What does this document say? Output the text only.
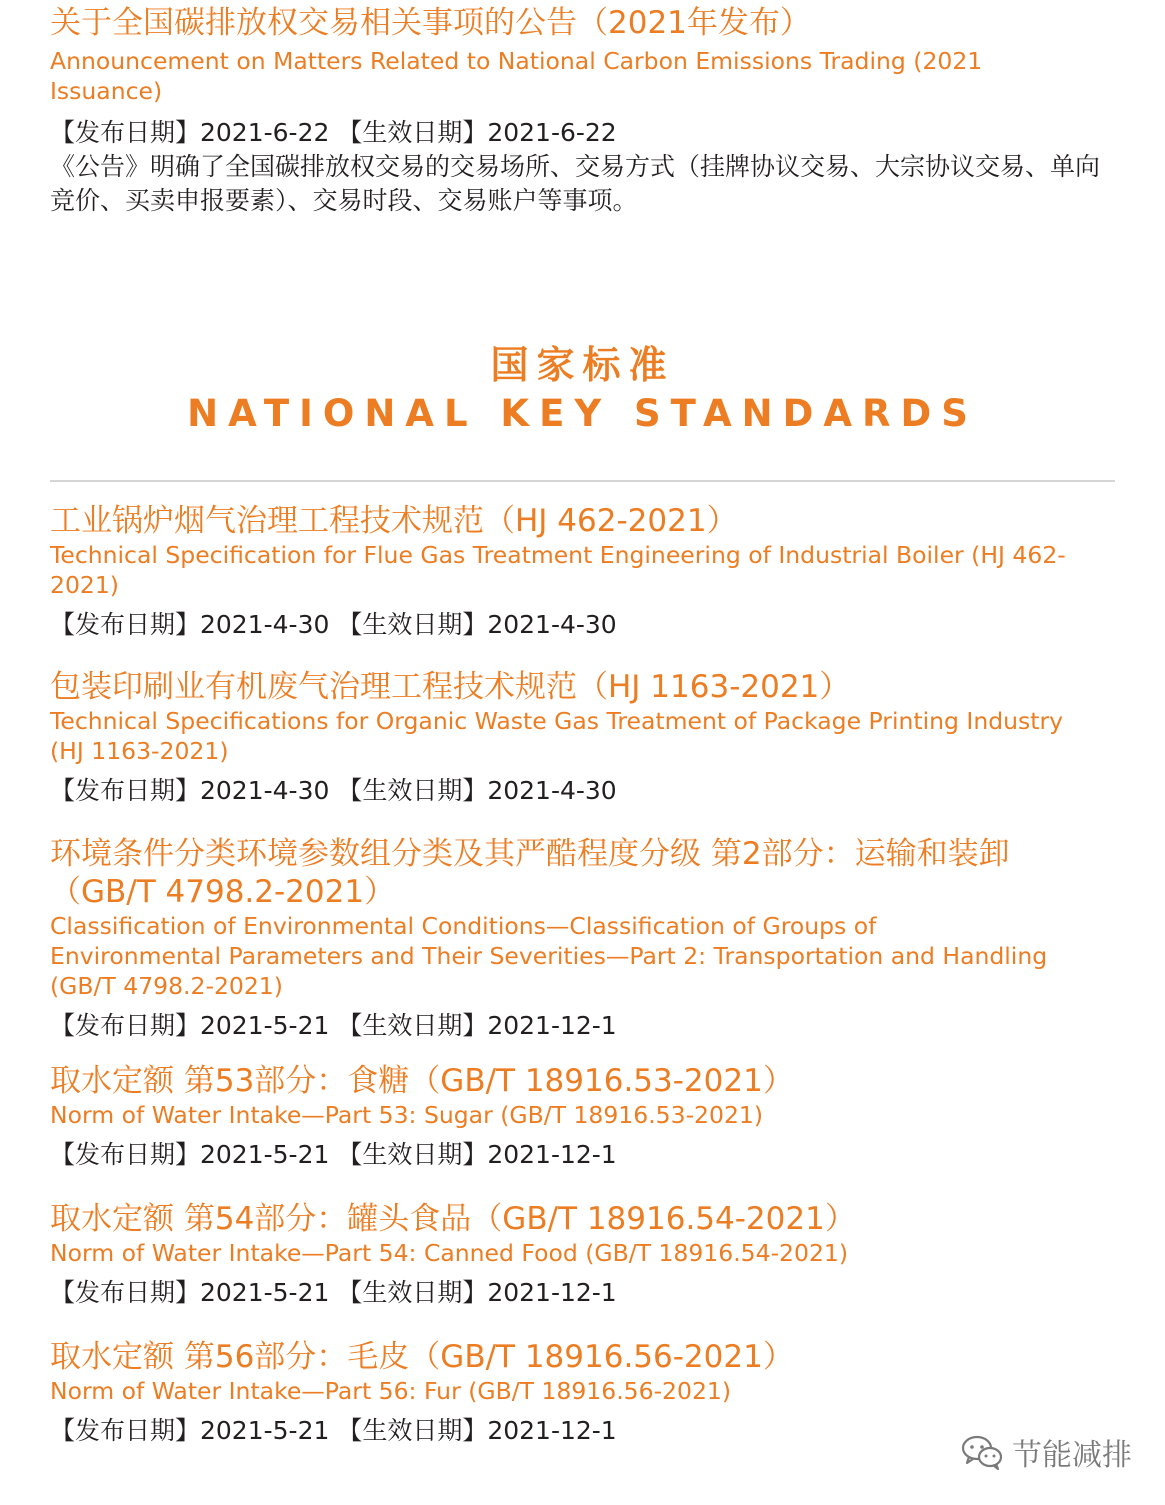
关于全国碳排放权交易相关事项的公告（2021年发布）

Announcement on Matters Related to National Carbon Emissions Trading (2021 Issuance)

【发布日期】2021-6-22 【生效日期】2021-6-22

《公告》明确了全国碳排放权交易的交易场所、交易方式（挂牌协议交易、大宗协议交易、单向竞价、买卖申报要素）、交易时段、交易账户等事项。

国家标准
NATIONAL KEY STANDARDS

工业锅炉烟气治理工程技术规范（HJ 462-2021）

Technical Specification for Flue Gas Treatment Engineering of Industrial Boiler (HJ 462-2021)

【发布日期】2021-4-30 【生效日期】2021-4-30

包装印刷业有机废气治理工程技术规范（HJ 1163-2021）

Technical Specifications for Organic Waste Gas Treatment of Package Printing Industry (HJ 1163-2021)

【发布日期】2021-4-30 【生效日期】2021-4-30

环境条件分类环境参数组分类及其严酷程度分级 第2部分：运输和装卸（GB/T 4798.2-2021）

Classification of Environmental Conditions—Classification of Groups of Environmental Parameters and Their Severities—Part 2: Transportation and Handling (GB/T 4798.2-2021)

【发布日期】2021-5-21 【生效日期】2021-12-1

取水定额 第53部分：食糖（GB/T 18916.53-2021）

Norm of Water Intake—Part 53: Sugar (GB/T 18916.53-2021)

【发布日期】2021-5-21 【生效日期】2021-12-1

取水定额 第54部分：罐头食品（GB/T 18916.54-2021）

Norm of Water Intake—Part 54: Canned Food (GB/T 18916.54-2021)

【发布日期】2021-5-21 【生效日期】2021-12-1

取水定额 第56部分：毛皮（GB/T 18916.56-2021）

Norm of Water Intake—Part 56: Fur (GB/T 18916.56-2021)

【发布日期】2021-5-21 【生效日期】2021-12-1

节能减排
